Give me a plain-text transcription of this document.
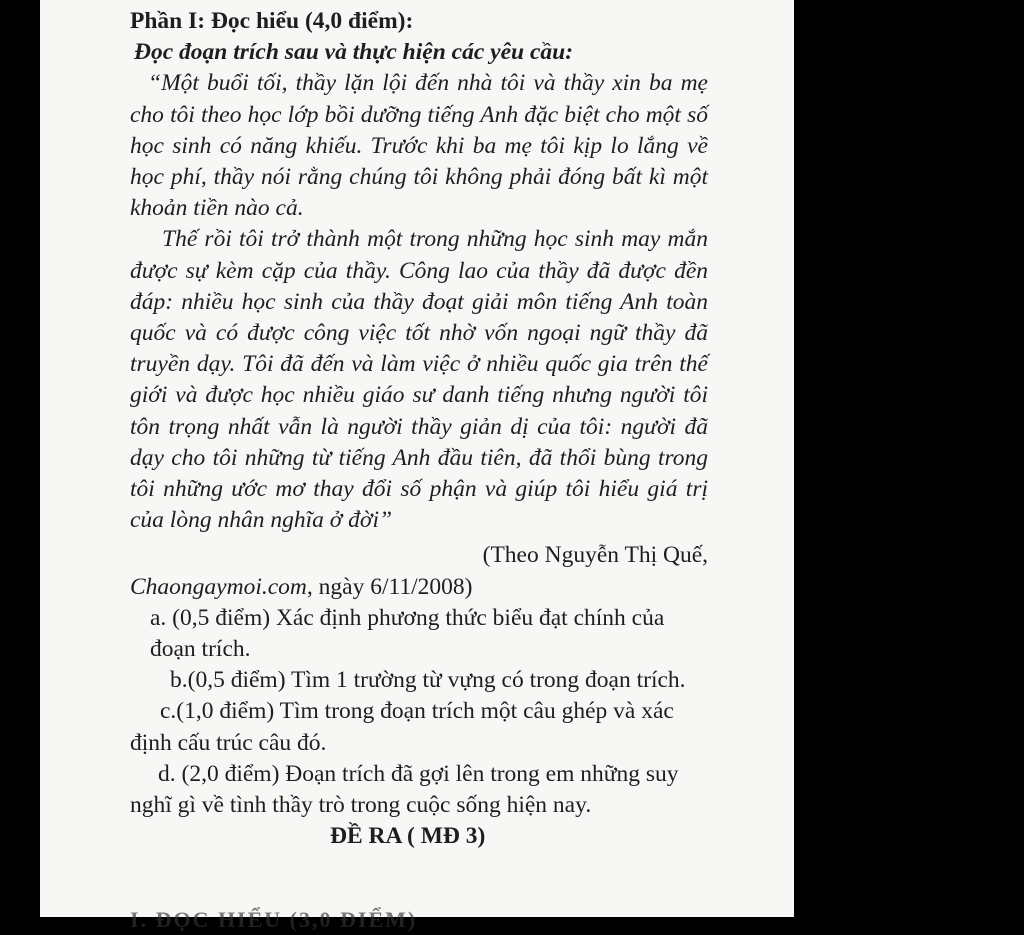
Phần I: Đọc hiểu (4,0 điểm):
Đọc đoạn trích sau và thực hiện các yêu cầu:

“Một buổi tối, thầy lặn lội đến nhà tôi và thầy xin ba mẹ cho tôi theo học lớp bồi dưỡng tiếng Anh đặc biệt cho một số học sinh có năng khiếu. Trước khi ba mẹ tôi kịp lo lắng về học phí, thầy nói rằng chúng tôi không phải đóng bất kì một khoản tiền nào cả.

Thế rồi tôi trở thành một trong những học sinh may mắn được sự kèm cặp của thầy. Công lao của thầy đã được đền đáp: nhiều học sinh của thầy đoạt giải môn tiếng Anh toàn quốc và có được công việc tốt nhờ vốn ngoại ngữ thầy đã truyền dạy. Tôi đã đến và làm việc ở nhiều quốc gia trên thế giới và được học nhiều giáo sư danh tiếng nhưng người tôi tôn trọng nhất vẫn là người thầy giản dị của tôi: người đã dạy cho tôi những từ tiếng Anh đầu tiên, đã thổi bùng trong tôi những ước mơ thay đổi số phận và giúp tôi hiểu giá trị của lòng nhân nghĩa ở đời”

(Theo Nguyễn Thị Quế,
Chaongaymoi.com, ngày 6/11/2008)

a. (0,5 điểm) Xác định phương thức biểu đạt chính của đoạn trích.

b.(0,5 điểm) Tìm 1 trường từ vựng có trong đoạn trích.

c.(1,0 điểm) Tìm trong đoạn trích một câu ghép và xác định cấu trúc câu đó.

d. (2,0 điểm) Đoạn trích đã gợi lên trong em những suy nghĩ gì về tình thầy trò trong cuộc sống hiện nay.

ĐỀ RA ( MĐ 3)
I. ĐỌC HIỂU (3,0 ĐIỂM)
